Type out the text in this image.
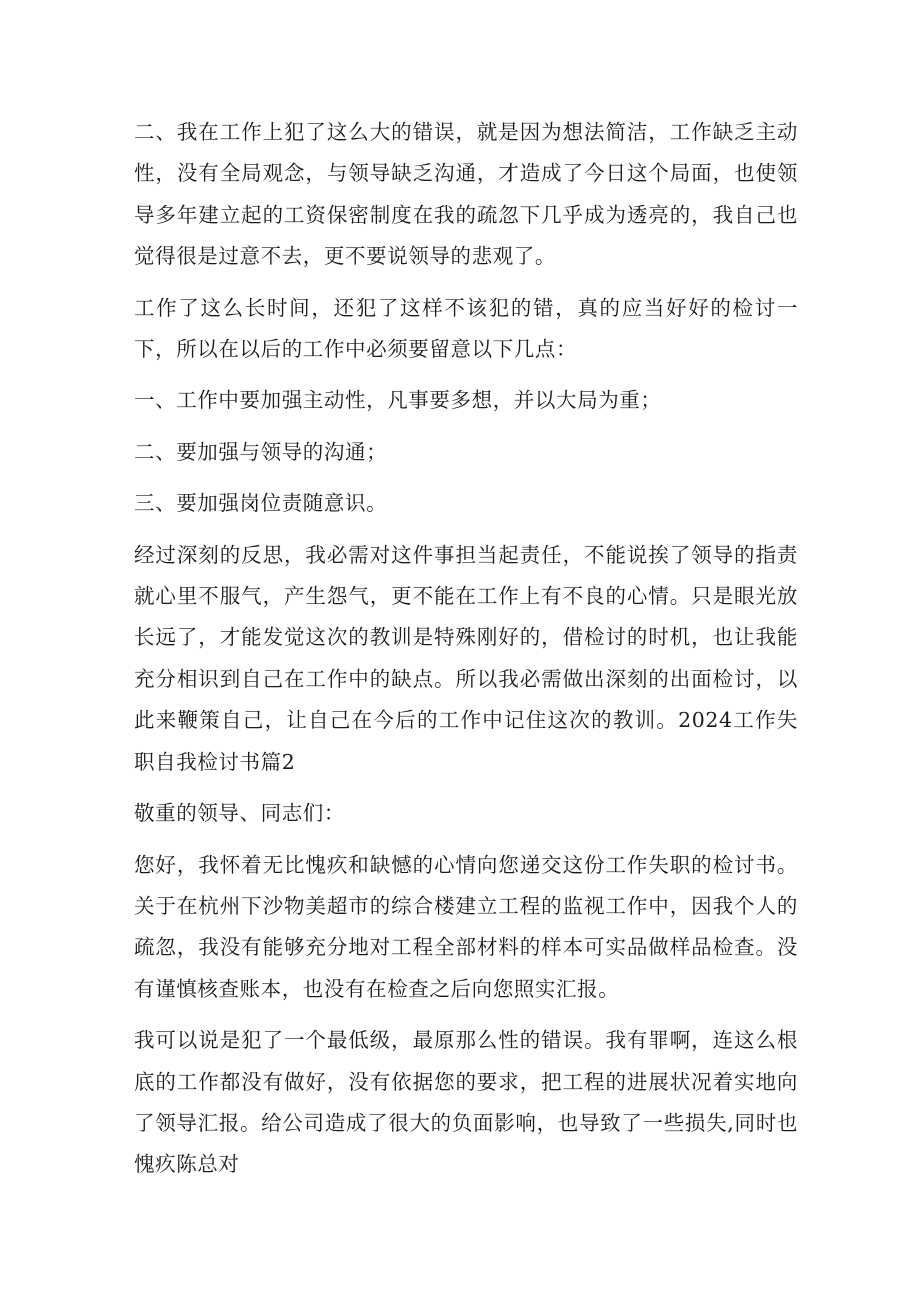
二、我在工作上犯了这么大的错误，就是因为想法简洁，工作缺乏主动性，没有全局观念，与领导缺乏沟通，才造成了今日这个局面，也使领导多年建立起的工资保密制度在我的疏忽下几乎成为透亮的，我自己也觉得很是过意不去，更不要说领导的悲观了。

工作了这么长时间，还犯了这样不该犯的错，真的应当好好的检讨一下，所以在以后的工作中必须要留意以下几点：

一、工作中要加强主动性，凡事要多想，并以大局为重；

二、要加强与领导的沟通；

三、要加强岗位责随意识。

经过深刻的反思，我必需对这件事担当起责任，不能说挨了领导的指责就心里不服气，产生怨气，更不能在工作上有不良的心情。只是眼光放长远了，才能发觉这次的教训是特殊刚好的，借检讨的时机，也让我能充分相识到自己在工作中的缺点。所以我必需做出深刻的出面检讨，以此来鞭策自己，让自己在今后的工作中记住这次的教训。2024工作失职自我检讨书篇2

敬重的领导、同志们：

您好，我怀着无比愧疚和缺憾的心情向您递交这份工作失职的检讨书。关于在杭州下沙物美超市的综合楼建立工程的监视工作中，因我个人的疏忽，我没有能够充分地对工程全部材料的样本可实品做样品检查。没有谨慎核查账本，也没有在检查之后向您照实汇报。

我可以说是犯了一个最低级，最原那么性的错误。我有罪啊，连这么根底的工作都没有做好，没有依据您的要求，把工程的进展状况着实地向了领导汇报。给公司造成了很大的负面影响，也导致了一些损失,同时也愧疚陈总对
